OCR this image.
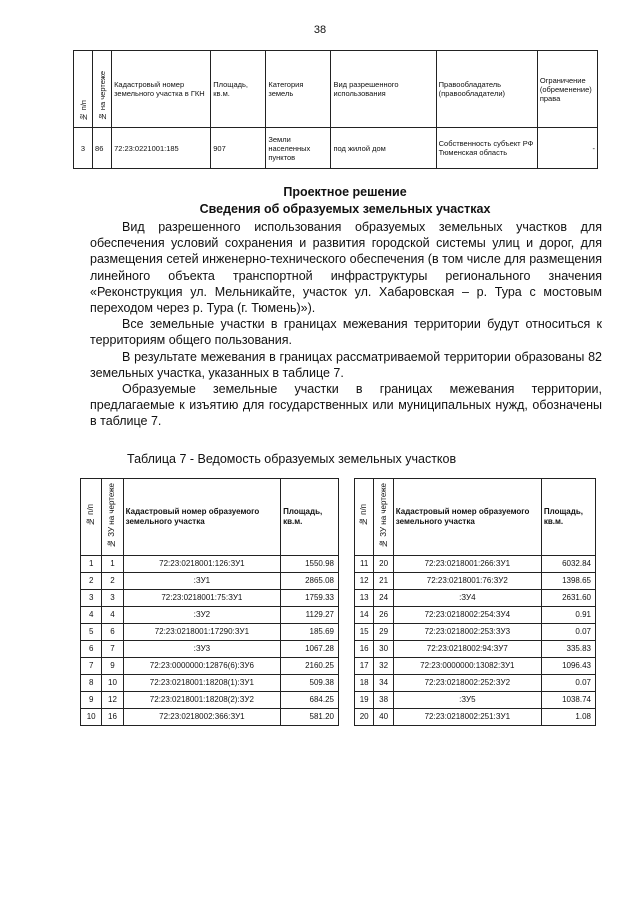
38
№ п/п	№ на чертеже	Кадастровый номер земельного участка в ГКН	Площадь, кв.м.	Категория земель	Вид разрешенного использования	Правообладатель (правообладатели)	Ограничение (обременение) права
3	86	72:23:0221001:185	907	Земли населенных пунктов	под жилой дом	Собственность субъект РФ Тюменская область	-
Проектное решение
Сведения об образуемых земельных участках

Вид разрешенного использования образуемых земельных участков для обеспечения условий сохранения и развития городской системы улиц и дорог, для размещения сетей инженерно-технического обеспечения (в том числе для размещения линейного объекта транспортной инфраструктуры регионального значения «Реконструкция ул. Мельникайте, участок ул. Хабаровская – р. Тура с мостовым переходом через р. Тура (г. Тюмень)»).

Все земельные участки в границах межевания территории будут относиться к территориям общего пользования.

В результате межевания в границах рассматриваемой территории образованы 82 земельных участка, указанных в таблице 7.

Образуемые земельные участки в границах межевания территории, предлагаемые к изъятию для государственных или муниципальных нужд, обозначены в таблице 7.

Таблица 7 - Ведомость образуемых земельных участков
№ п/п	№ ЗУ на чертеже	Кадастровый номер образуемого земельного участка	Площадь, кв.м.
1	1	72:23:0218001:126:ЗУ1	1550.98
2	2	:ЗУ1	2865.08
3	3	72:23:0218001:75:ЗУ1	1759.33
4	4	:ЗУ2	1129.27
5	6	72:23:0218001:17290:ЗУ1	185.69
6	7	:ЗУ3	1067.28
7	9	72:23:0000000:12876(6):ЗУ6	2160.25
8	10	72:23:0218001:18208(1):ЗУ1	509.38
9	12	72:23:0218001:18208(2):ЗУ2	684.25
10	16	72:23:0218002:366:ЗУ1	581.20
№ п/п	№ ЗУ на чертеже	Кадастровый номер образуемого земельного участка	Площадь, кв.м.
11	20	72:23:0218001:266:ЗУ1	6032.84
12	21	72:23:0218001:76:ЗУ2	1398.65
13	24	:ЗУ4	2631.60
14	26	72:23:0218002:254:ЗУ4	0.91
15	29	72:23:0218002:253:ЗУ3	0.07
16	30	72:23:0218002:94:ЗУ7	335.83
17	32	72:23:0000000:13082:ЗУ1	1096.43
18	34	72:23:0218002:252:ЗУ2	0.07
19	38	:ЗУ5	1038.74
20	40	72:23:0218002:251:ЗУ1	1.08
